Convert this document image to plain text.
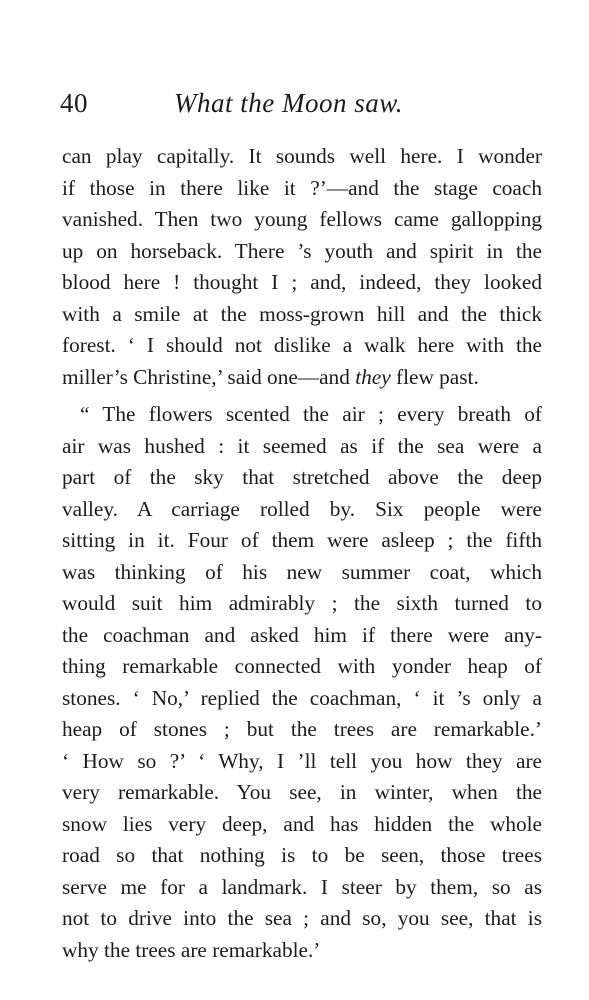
40	What the Moon saw.
can play capitally. It sounds well here. I wonder
if those in there like it ?’—and the stage coach
vanished. Then two young fellows came gallopping
up on horseback. There ’s youth and spirit in the
blood here ! thought I ; and, indeed, they looked
with a smile at the moss-grown hill and the thick
forest. ‘ I should not dislike a walk here with the
miller’s Christine,’ said one—and they flew past.
“ The flowers scented the air ; every breath of
air was hushed : it seemed as if the sea were a
part of the sky that stretched above the deep
valley. A carriage rolled by. Six people were
sitting in it. Four of them were asleep ; the fifth
was thinking of his new summer coat, which
would suit him admirably ; the sixth turned to
the coachman and asked him if there were any-
thing remarkable connected with yonder heap of
stones. ‘ No,’ replied the coachman, ‘ it ’s only a
heap of stones ; but the trees are remarkable.’
‘ How so ?’ ‘ Why, I ’ll tell you how they are
very remarkable. You see, in winter, when the
snow lies very deep, and has hidden the whole
road so that nothing is to be seen, those trees
serve me for a landmark. I steer by them, so as
not to drive into the sea ; and so, you see, that is
why the trees are remarkable.’
